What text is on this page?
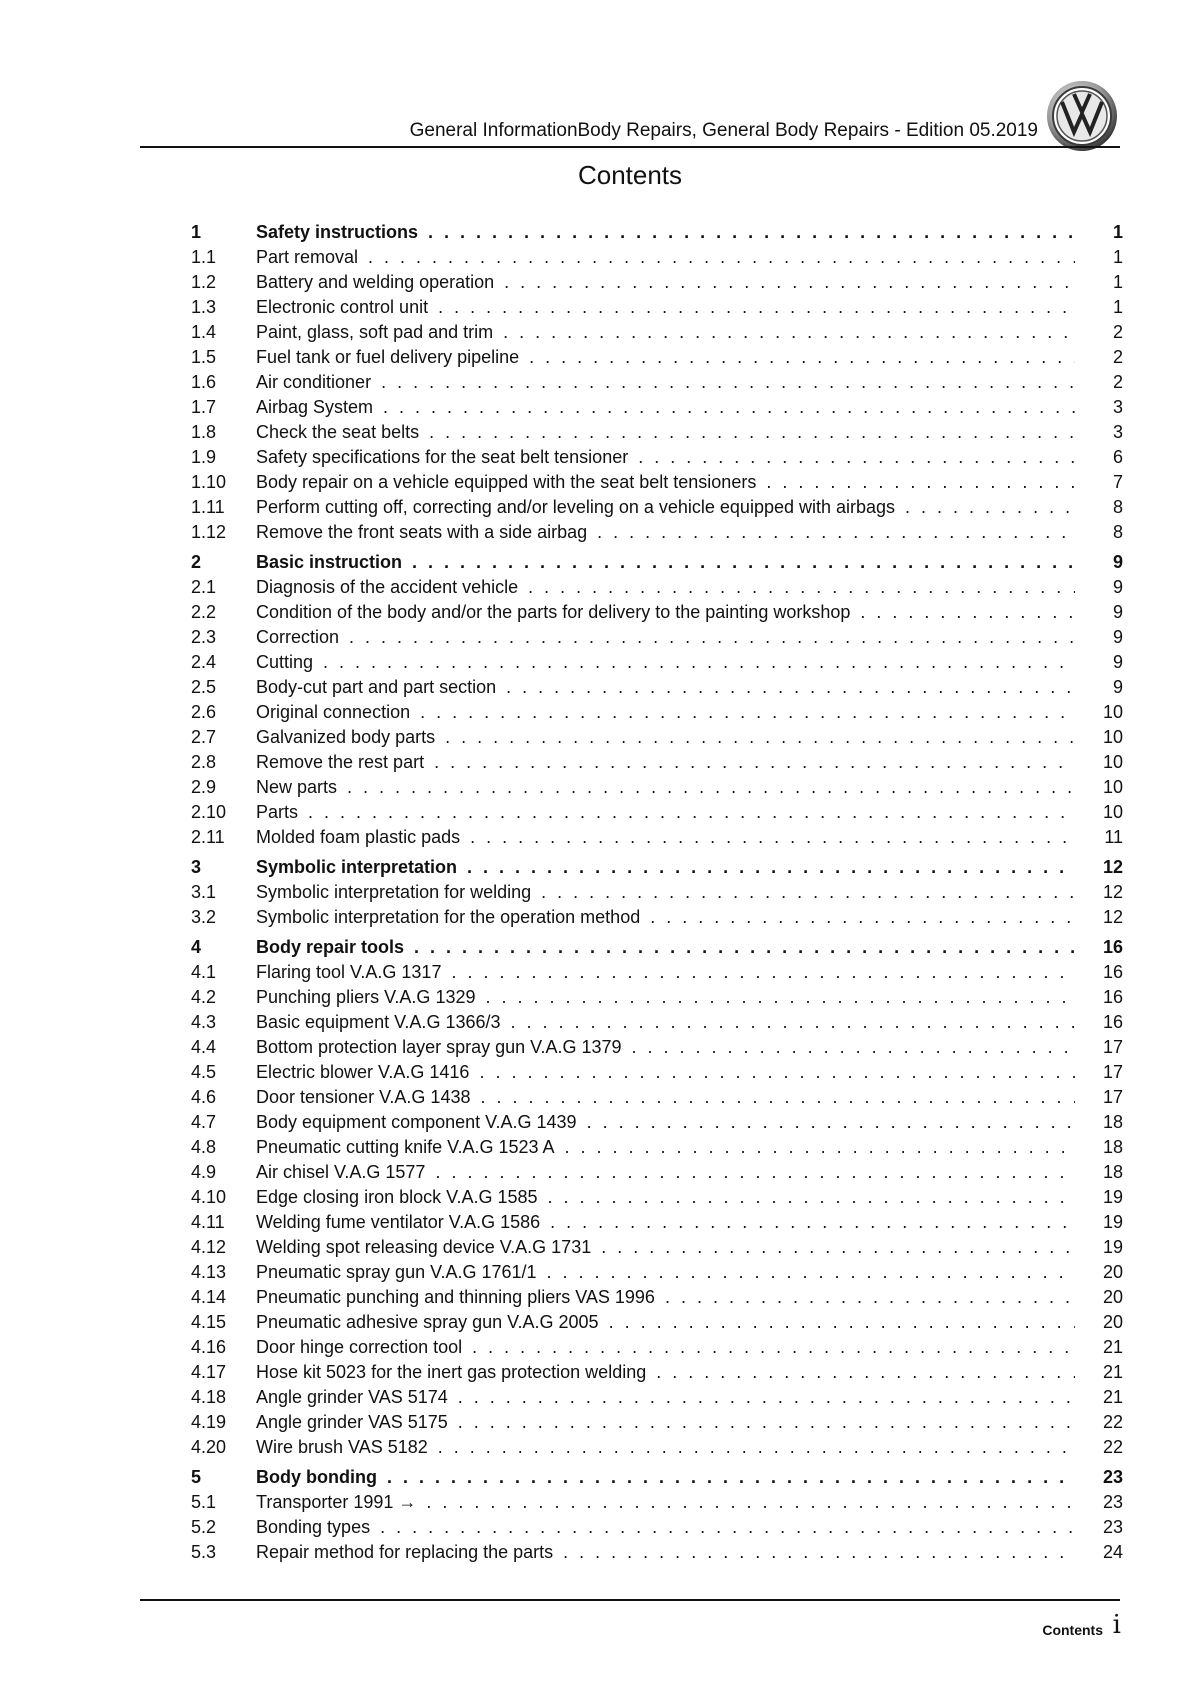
General InformationBody Repairs, General Body Repairs - Edition 05.2019
Contents
1	Safety instructions . . .	1
1.1	Part removal . . .	1
1.2	Battery and welding operation . . .	1
1.3	Electronic control unit . . .	1
1.4	Paint, glass, soft pad and trim . . .	2
1.5	Fuel tank or fuel delivery pipeline . . .	2
1.6	Air conditioner . . .	2
1.7	Airbag System . . .	3
1.8	Check the seat belts . . .	3
1.9	Safety specifications for the seat belt tensioner . . .	6
1.10	Body repair on a vehicle equipped with the seat belt tensioners . . .	7
1.11	Perform cutting off, correcting and/or leveling on a vehicle equipped with airbags . . .	8
1.12	Remove the front seats with a side airbag . . .	8
2	Basic instruction . . .	9
2.1	Diagnosis of the accident vehicle . . .	9
2.2	Condition of the body and/or the parts for delivery to the painting workshop . . .	9
2.3	Correction . . .	9
2.4	Cutting . . .	9
2.5	Body-cut part and part section . . .	9
2.6	Original connection . . .	10
2.7	Galvanized body parts . . .	10
2.8	Remove the rest part . . .	10
2.9	New parts . . .	10
2.10	Parts . . .	10
2.11	Molded foam plastic pads . . .	11
3	Symbolic interpretation . . .	12
3.1	Symbolic interpretation for welding . . .	12
3.2	Symbolic interpretation for the operation method . . .	12
4	Body repair tools . . .	16
4.1	Flaring tool V.A.G 1317 . . .	16
4.2	Punching pliers V.A.G 1329 . . .	16
4.3	Basic equipment V.A.G 1366/3 . . .	16
4.4	Bottom protection layer spray gun V.A.G 1379 . . .	17
4.5	Electric blower V.A.G 1416 . . .	17
4.6	Door tensioner V.A.G 1438 . . .	17
4.7	Body equipment component V.A.G 1439 . . .	18
4.8	Pneumatic cutting knife V.A.G 1523 A . . .	18
4.9	Air chisel V.A.G 1577 . . .	18
4.10	Edge closing iron block V.A.G 1585 . . .	19
4.11	Welding fume ventilator V.A.G 1586 . . .	19
4.12	Welding spot releasing device V.A.G 1731 . . .	19
4.13	Pneumatic spray gun V.A.G 1761/1 . . .	20
4.14	Pneumatic punching and thinning pliers VAS 1996 . . .	20
4.15	Pneumatic adhesive spray gun V.A.G 2005 . . .	20
4.16	Door hinge correction tool . . .	21
4.17	Hose kit 5023 for the inert gas protection welding . . .	21
4.18	Angle grinder VAS 5174 . . .	21
4.19	Angle grinder VAS 5175 . . .	22
4.20	Wire brush VAS 5182 . . .	22
5	Body bonding . . .	23
5.1	Transporter 1991 → . . .	23
5.2	Bonding types . . .	23
5.3	Repair method for replacing the parts . . .	24
Contents i
